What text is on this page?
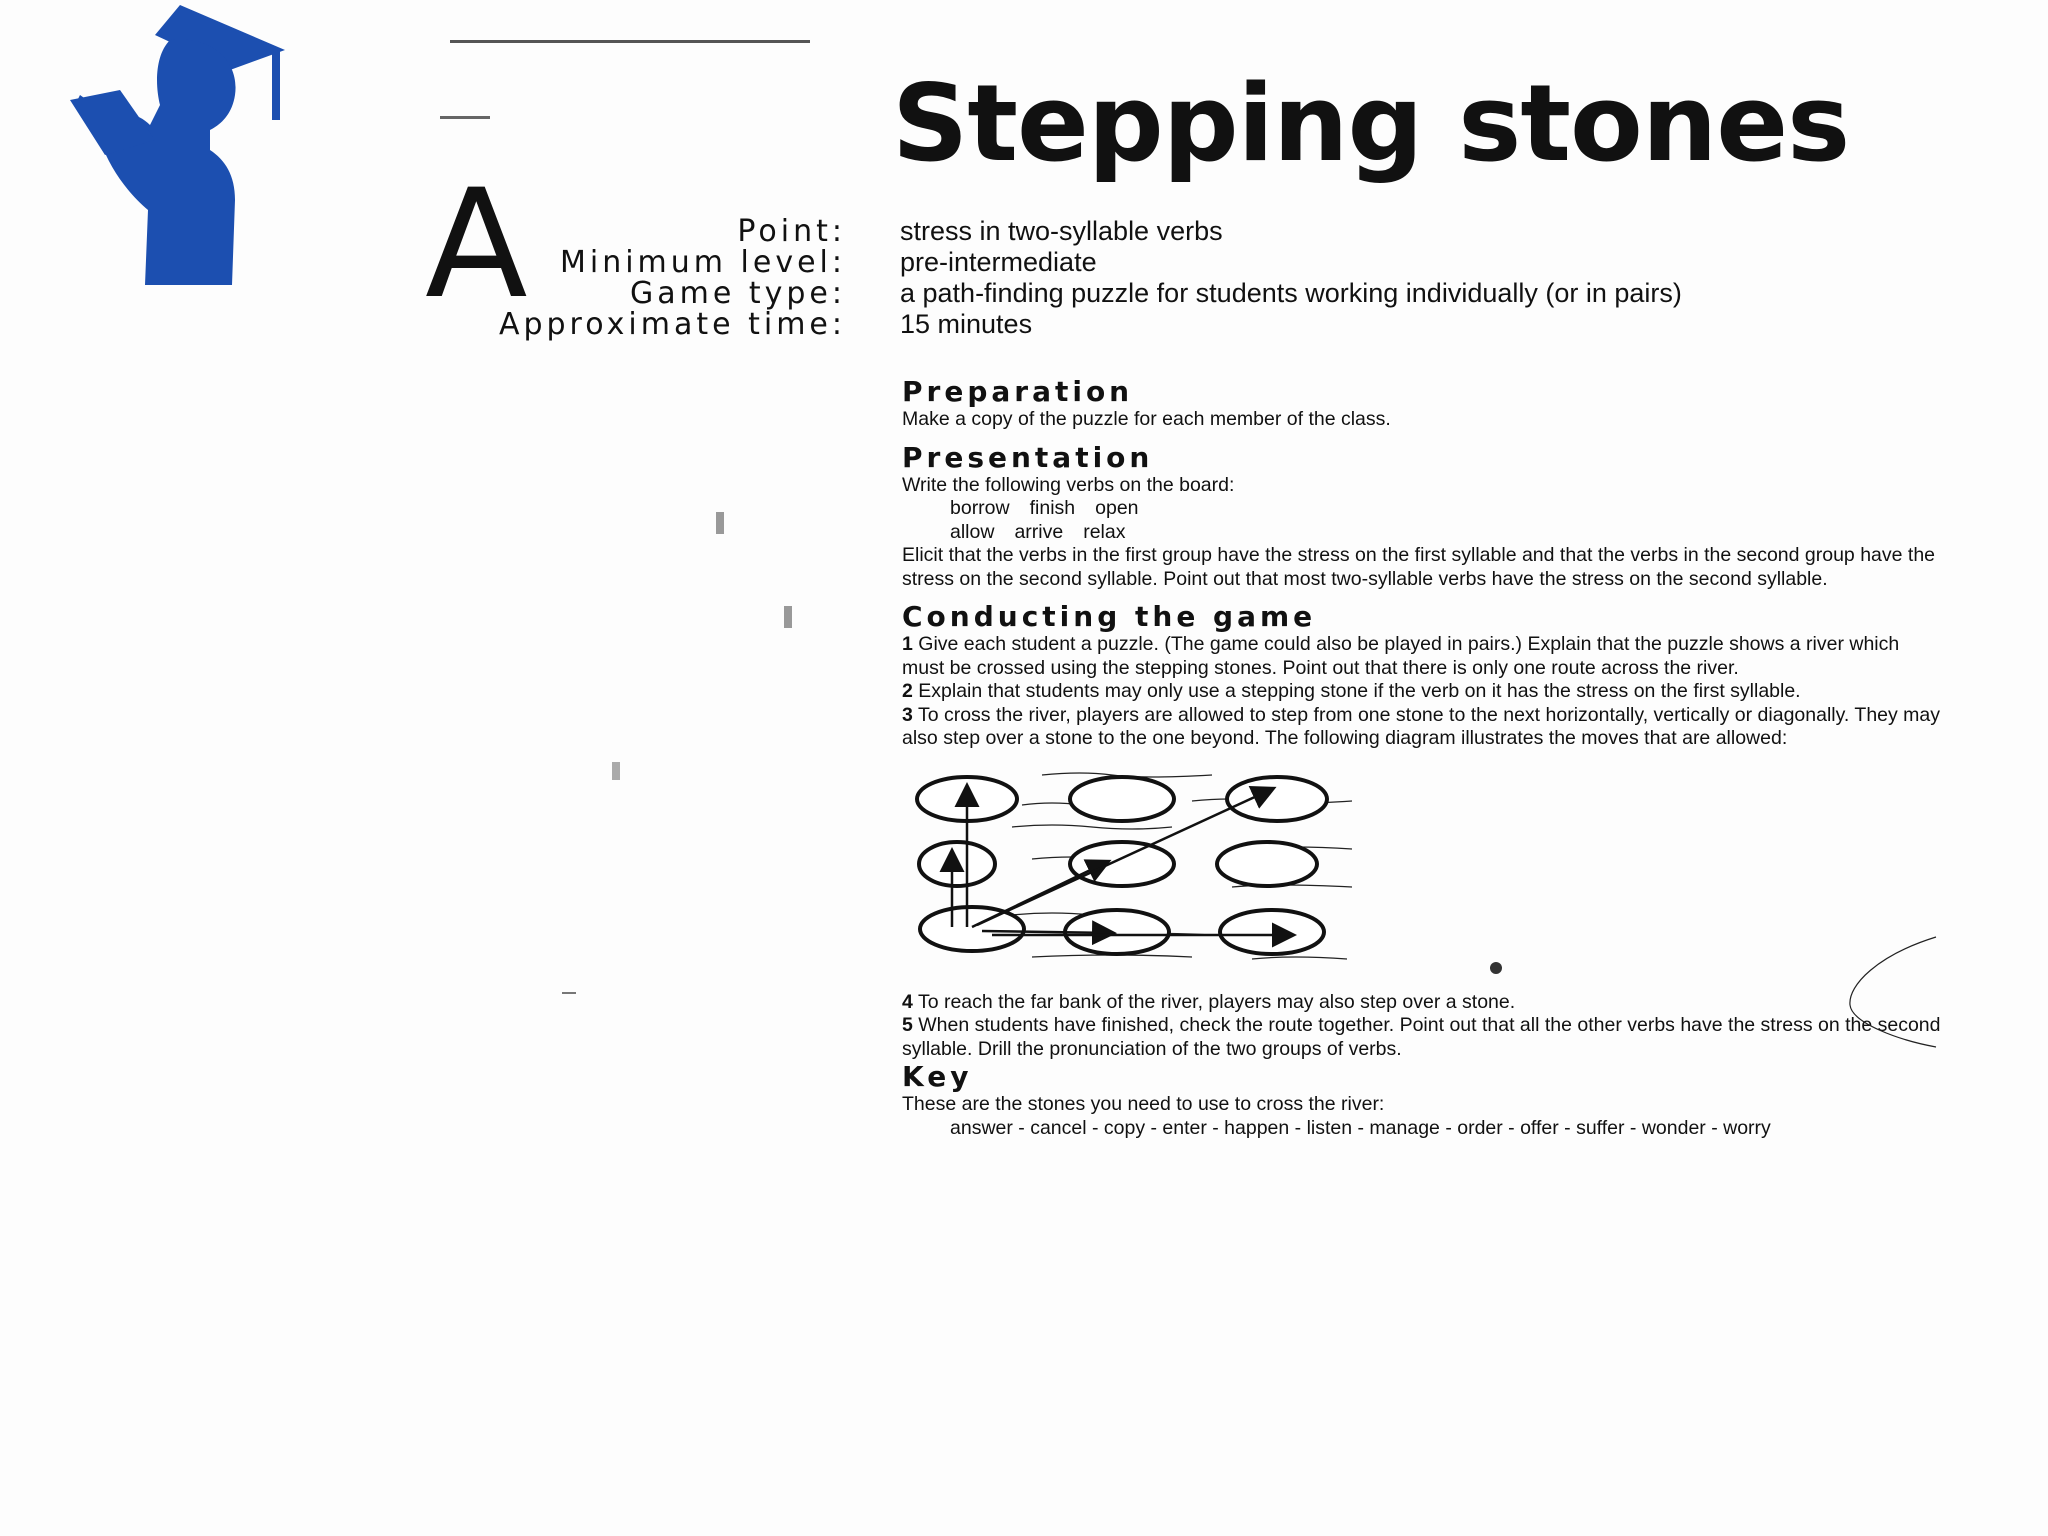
Stepping stones
A	Point:
Minimum level:
Game type:
Approximate time:
stress in two-syllable verbs
pre-intermediate
a path-finding puzzle for students working individually (or in pairs)
15 minutes
Preparation

Make a copy of the puzzle for each member of the class.

Presentation

Write the following verbs on the board:

borrow finish open

allow arrive relax

Elicit that the verbs in the first group have the stress on the first syllable and that the verbs in the second group have the stress on the second syllable. Point out that most two-syllable verbs have the stress on the second syllable.

Conducting the game

1 Give each student a puzzle. (The game could also be played in pairs.) Explain that the puzzle shows a river which must be crossed using the stepping stones. Point out that there is only one route across the river.

2 Explain that students may only use a stepping stone if the verb on it has the stress on the first syllable.

3 To cross the river, players are allowed to step from one stone to the next horizontally, vertically or diagonally. They may also step over a stone to the one beyond. The following diagram illustrates the moves that are allowed:

4 To reach the far bank of the river, players may also step over a stone.

5 When students have finished, check the route together. Point out that all the other verbs have the stress on the second syllable. Drill the pronunciation of the two groups of verbs.

Key

These are the stones you need to use to cross the river:

answer - cancel - copy - enter - happen - listen - manage - order - offer - suffer - wonder - worry
